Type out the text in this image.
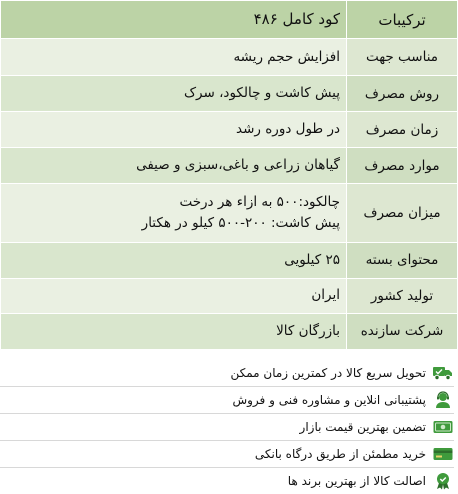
ترکیبات	کود کامل ۴۸۶
مناسب جهت	افزایش حجم ریشه
روش مصرف	پیش کاشت و چالکود، سرک
زمان مصرف	در طول دوره رشد
موارد مصرف	گیاهان زراعی و باغی،سبزی و صیفی
میزان مصرف	چالکود:۵۰۰ به ازاء هر درخت
پیش کاشت: ۲۰۰-۵۰۰ کیلو در هکتار

محتوای بسته	۲۵ کیلویی
تولید کشور	ایران
شرکت سازنده	بازرگان کالا
تحویل سریع کالا در کمترین زمان ممکن
پشتیبانی انلاین و مشاوره فنی و فروش
تضمین بهترین قیمت بازار
خرید مطمئن از طریق درگاه بانکی
اصالت کالا از بهترین برند ها
